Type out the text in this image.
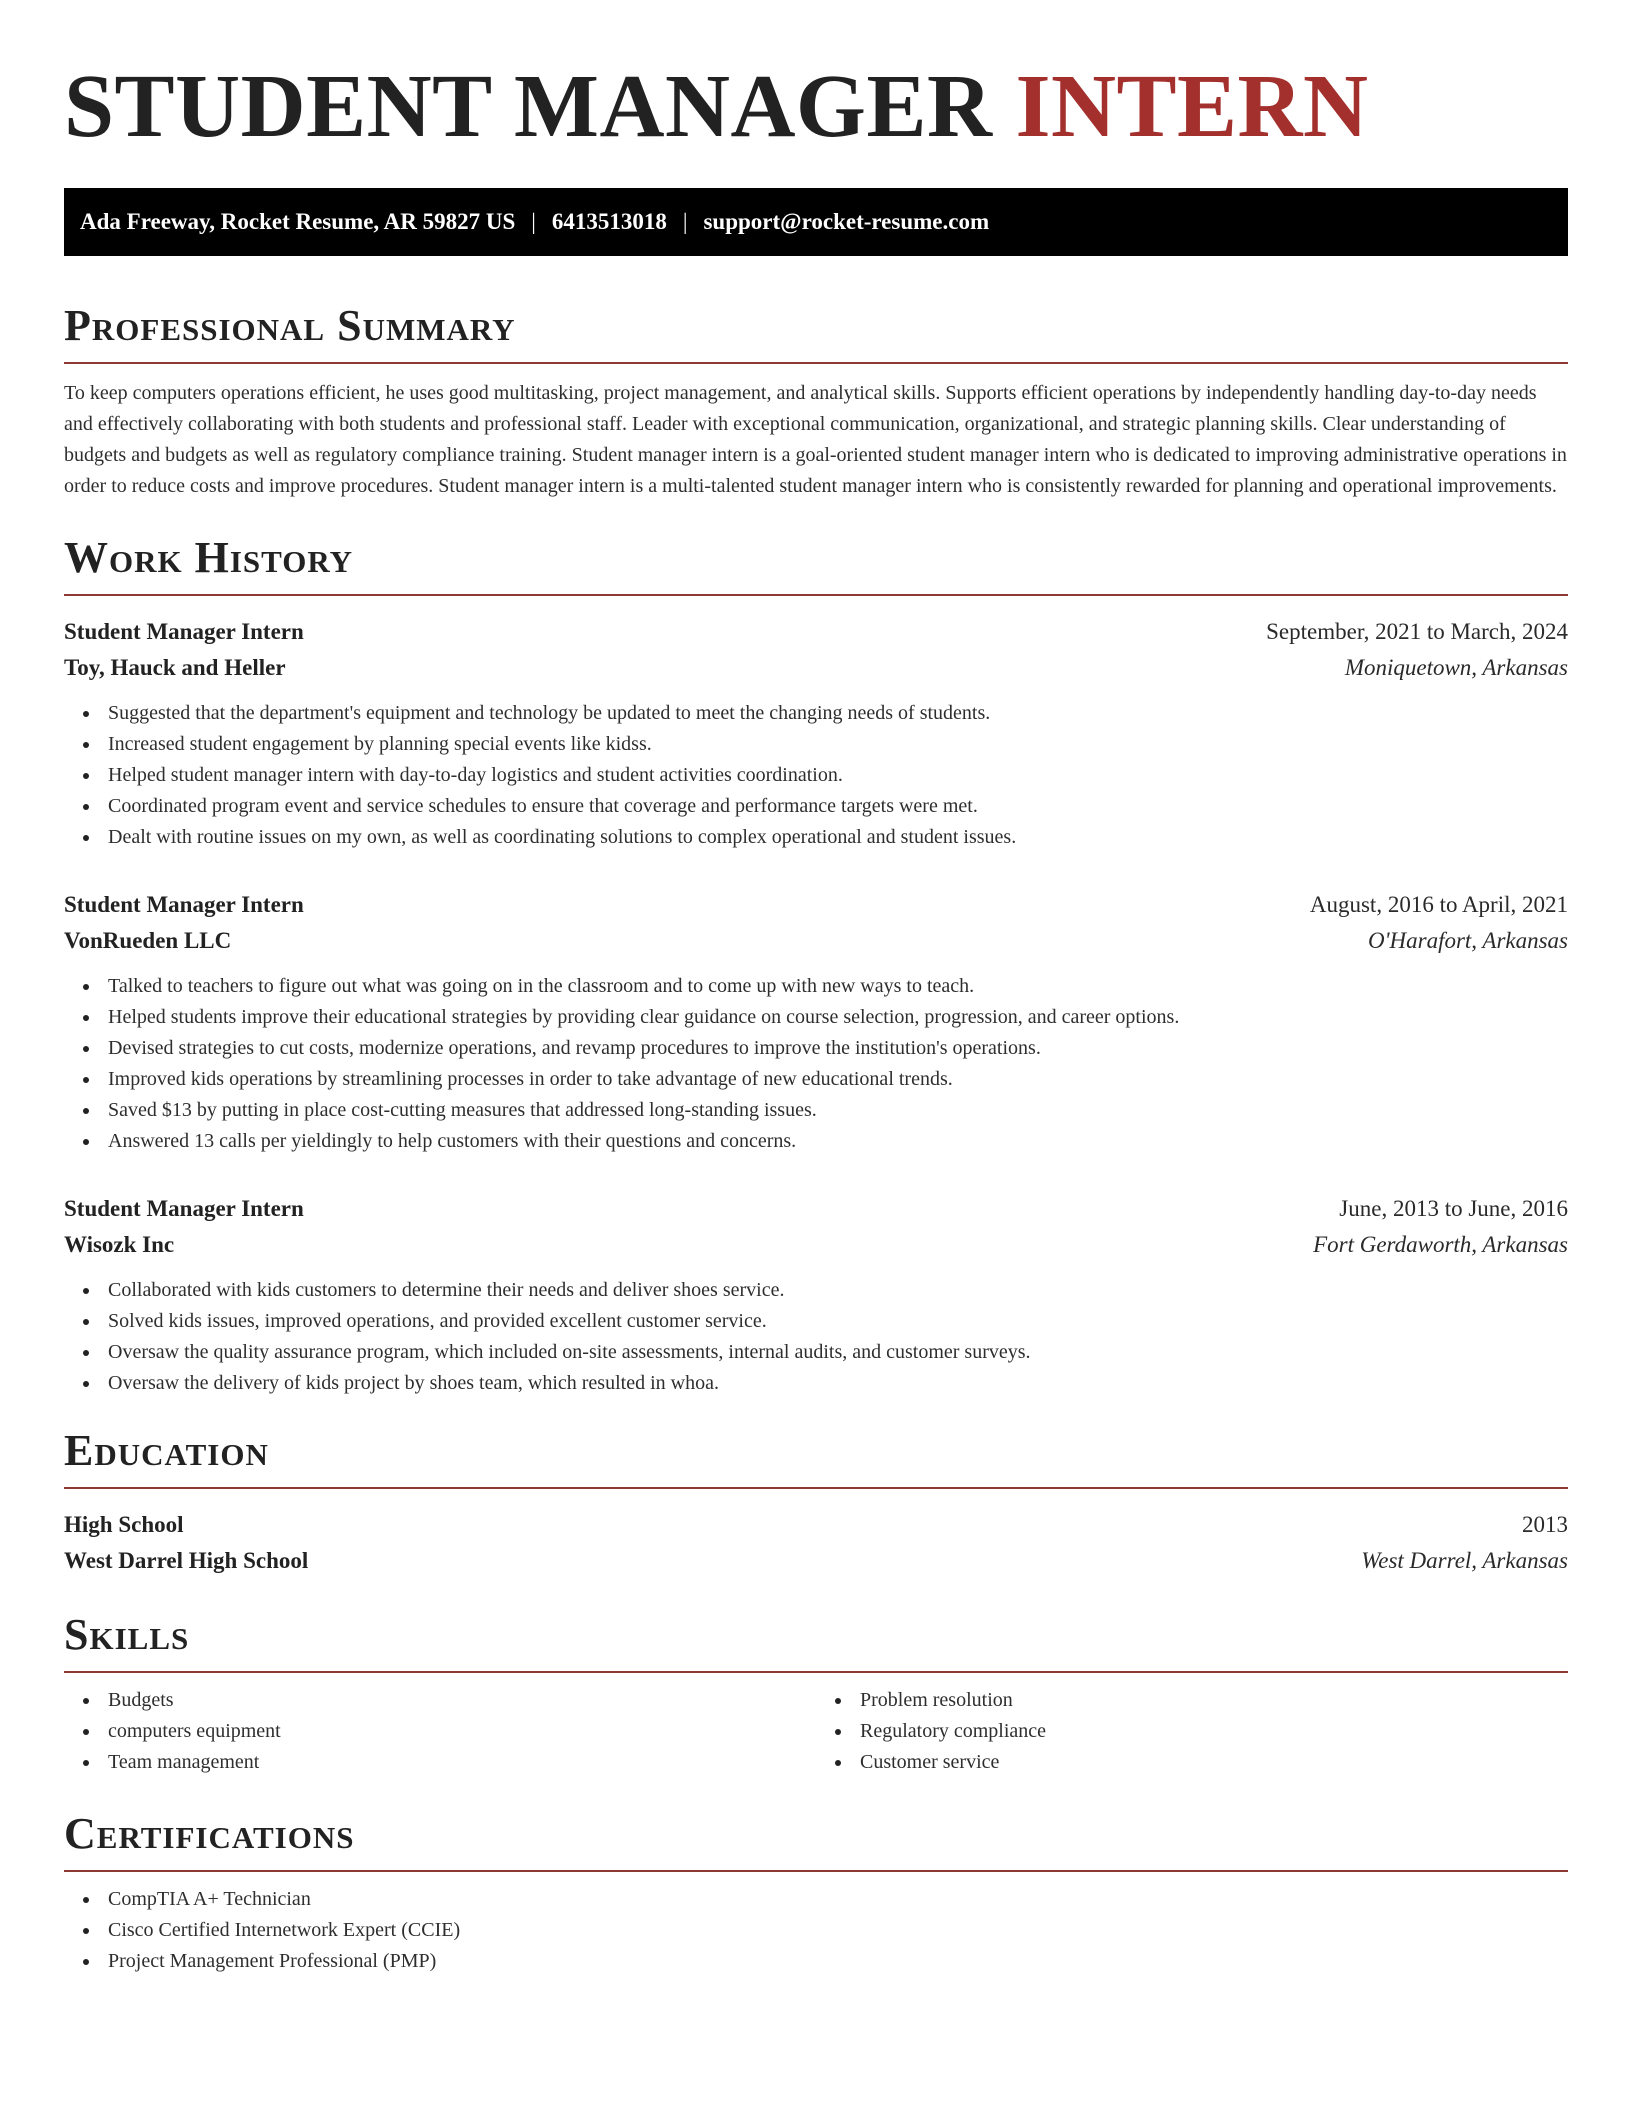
STUDENT MANAGER INTERN
Ada Freeway, Rocket Resume, AR 59827 US | 6413513018 | support@rocket-resume.com
Professional Summary

To keep computers operations efficient, he uses good multitasking, project management, and analytical skills. Supports efficient operations by independently handling day-to-day needs and effectively collaborating with both students and professional staff. Leader with exceptional communication, organizational, and strategic planning skills. Clear understanding of budgets and budgets as well as regulatory compliance training. Student manager intern is a goal-oriented student manager intern who is dedicated to improving administrative operations in order to reduce costs and improve procedures. Student manager intern is a multi-talented student manager intern who is consistently rewarded for planning and operational improvements.

Work History
Student Manager Intern	September, 2021 to March, 2024
Toy, Hauck and Heller	Moniquetown, Arkansas
Suggested that the department's equipment and technology be updated to meet the changing needs of students.
Increased student engagement by planning special events like kidss.
Helped student manager intern with day-to-day logistics and student activities coordination.
Coordinated program event and service schedules to ensure that coverage and performance targets were met.
Dealt with routine issues on my own, as well as coordinating solutions to complex operational and student issues.
Student Manager Intern	August, 2016 to April, 2021
VonRueden LLC	O'Harafort, Arkansas
Talked to teachers to figure out what was going on in the classroom and to come up with new ways to teach.
Helped students improve their educational strategies by providing clear guidance on course selection, progression, and career options.
Devised strategies to cut costs, modernize operations, and revamp procedures to improve the institution's operations.
Improved kids operations by streamlining processes in order to take advantage of new educational trends.
Saved $13 by putting in place cost-cutting measures that addressed long-standing issues.
Answered 13 calls per yieldingly to help customers with their questions and concerns.
Student Manager Intern	June, 2013 to June, 2016
Wisozk Inc	Fort Gerdaworth, Arkansas
Collaborated with kids customers to determine their needs and deliver shoes service.
Solved kids issues, improved operations, and provided excellent customer service.
Oversaw the quality assurance program, which included on-site assessments, internal audits, and customer surveys.
Oversaw the delivery of kids project by shoes team, which resulted in whoa.
Education
High School	2013
West Darrel High School	West Darrel, Arkansas
Skills
Budgets
computers equipment
Team management
Problem resolution
Regulatory compliance
Customer service
Certifications
CompTIA A+ Technician
Cisco Certified Internetwork Expert (CCIE)
Project Management Professional (PMP)
